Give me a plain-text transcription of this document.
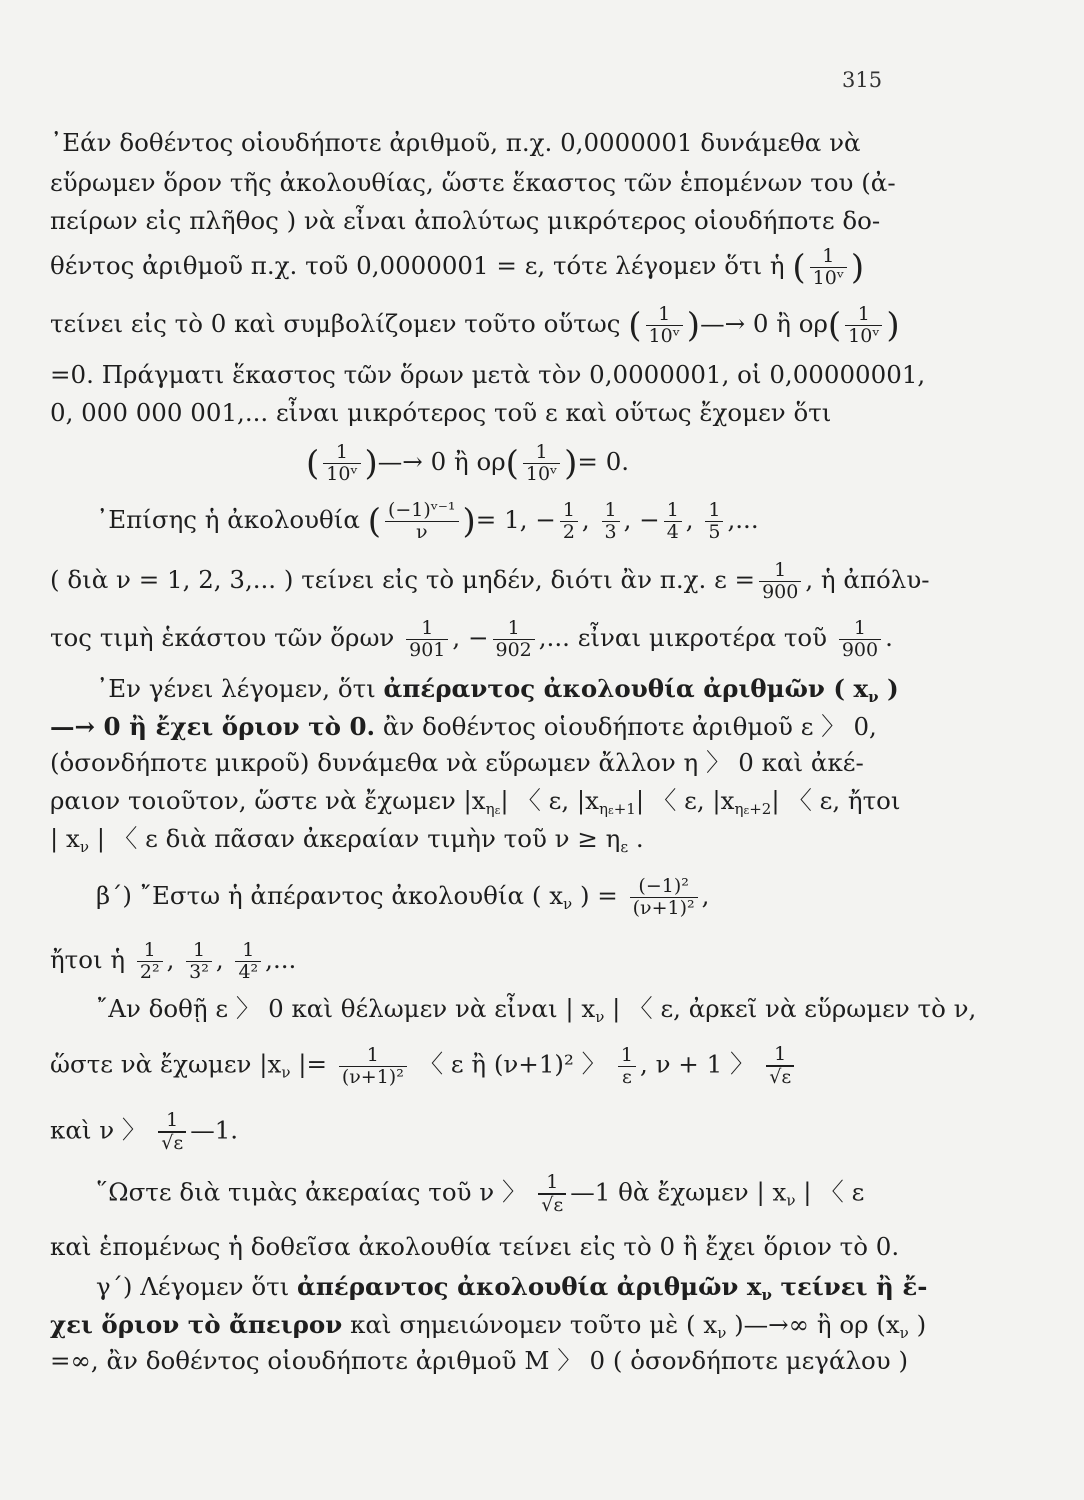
315
᾽Εάν δοθέντος οἱουδήποτε ἀριθμοῦ, π.χ. 0,0000001 δυνάμεθα νὰ
εὕρωμεν ὅρον τῆς ἀκολουθίας, ὥστε ἕκαστος τῶν ἑπομένων του (ἀ-
πείρων εἰς πλῆθος ) νὰ εἶναι ἀπολύτως μικρότερος οἱουδήποτε δο-
θέντος ἀριθμοῦ π.χ. τοῦ 0,0000001 = ε, τότε λέγομεν ὅτι ἡ ( $\frac{1}{\text{10ᵛ}}$ )
τείνει εἰς τὸ 0 καὶ συμβολίζομεν τοῦτο οὕτως ( $\frac{1}{\text{10ᵛ}}$ )—→ 0 ἢ $o\rho( \frac{1}{\text{10ᵛ}}$ )
=0. Πράγματι ἕκαστος τῶν ὅρων μετὰ τὸν 0,0000001, οἱ 0,00000001,
0, 000 000 001,... εἶναι μικρότερος τοῦ ε καὶ οὕτως ἔχομεν ὅτι
( $\frac{1}{\text{10ᵛ}}$ )—→ 0 ἢ $o\rho( \frac{1}{\text{10ᵛ}}$ )= 0.
᾽Επίσης ἡ ἀκολουθία ( $\frac{\text{(−1)ᵛ⁻¹}}{\nu}$ )= 1, − $\frac{1}{2}$ , $\frac{1}{3}$ , − $\frac{1}{4}$ , $\frac{1}{5}$ ,...
( διὰ ν = 1, 2, 3,... ) τείνει εἰς τὸ μηδέν, διότι ἂν π.χ. $\varepsilon = \frac{1}{900}$ , ἡ ἀπόλυ-
τος τιμὴ ἑκάστου τῶν ὅρων $\frac{1}{901}$ , − $\frac{1}{902}$ ,... εἶναι μικροτέρα τοῦ $\frac{1}{900}$ .
᾽Εν γένει λέγομεν, ὅτι ἀπέραντος ἀκολουθία ἀριθμῶν ( $x_\nu$ )
—→ 0 ἢ ἔχει ὅριον τὸ 0. ἂν δοθέντος οἱουδήποτε ἀριθμοῦ ε 〉 0,
(ὁσονδήποτε μικροῦ) δυνάμεθα νὰ εὕρωμεν ἄλλον η 〉 0 καὶ ἀκέ-
ραιον τοιοῦτον, ὥστε νὰ ἔχωμεν $|x_{\eta\varepsilon}|$ 〈 ε, $|x_{\eta\varepsilon+1}|$ 〈 ε, $|x_{\eta\varepsilon+2}|$ 〈 ε, ἤτοι
| $x_\nu$ | 〈 ε διὰ πᾶσαν ἀκεραίαν τιμὴν τοῦ $\nu \ge \eta_\varepsilon$ .
β΄) ῎Εστω ἡ ἀπέραντος ἀκολουθία ( $x_\nu$ ) = $\frac{\text{(−1)²}}{\text{(ν+1)²}}$ ,
ἤτοι ἡ $\frac{1}{\text{2²}}$ , $\frac{1}{\text{3²}}$ , $\frac{1}{\text{4²}}$ ,...
῎Αν δοθῇ ε 〉 0 καὶ θέλωμεν νὰ εἶναι | $x_\nu$ | 〈 ε, ἀρκεῖ νὰ εὕρωμεν τὸ ν,
ὥστε νὰ ἔχωμεν $|x_\nu$ |= $\frac{1}{\text{(ν+1)²}}$ 〈 ε ἢ (ν+1)² 〉 $\frac{1}{\varepsilon}$ , ν + 1 〉 $\frac{1}{√\varepsilon}$
καὶ ν 〉 $\frac{1}{√\varepsilon}$ —1.
῞Ωστε διὰ τιμὰς ἀκεραίας τοῦ ν 〉 $\frac{1}{√\varepsilon}$ —1 θὰ ἔχωμεν | $x_\nu$ | 〈 ε
καὶ ἑπομένως ἡ δοθεῖσα ἀκολουθία τείνει εἰς τὸ 0 ἢ ἔχει ὅριον τὸ 0.
γ΄) Λέγομεν ὅτι ἀπέραντος ἀκολουθία ἀριθμῶν $x_\nu$ τείνει ἢ ἔ-
χει ὅριον τὸ ἄπειρον καὶ σημειώνομεν τοῦτο μὲ ( $x_\nu$ )—→∞ ἢ ορ ($x_\nu$ )
=∞, ἂν δοθέντος οἱουδήποτε ἀριθμοῦ Μ 〉 0 ( ὁσονδήποτε μεγάλου )
